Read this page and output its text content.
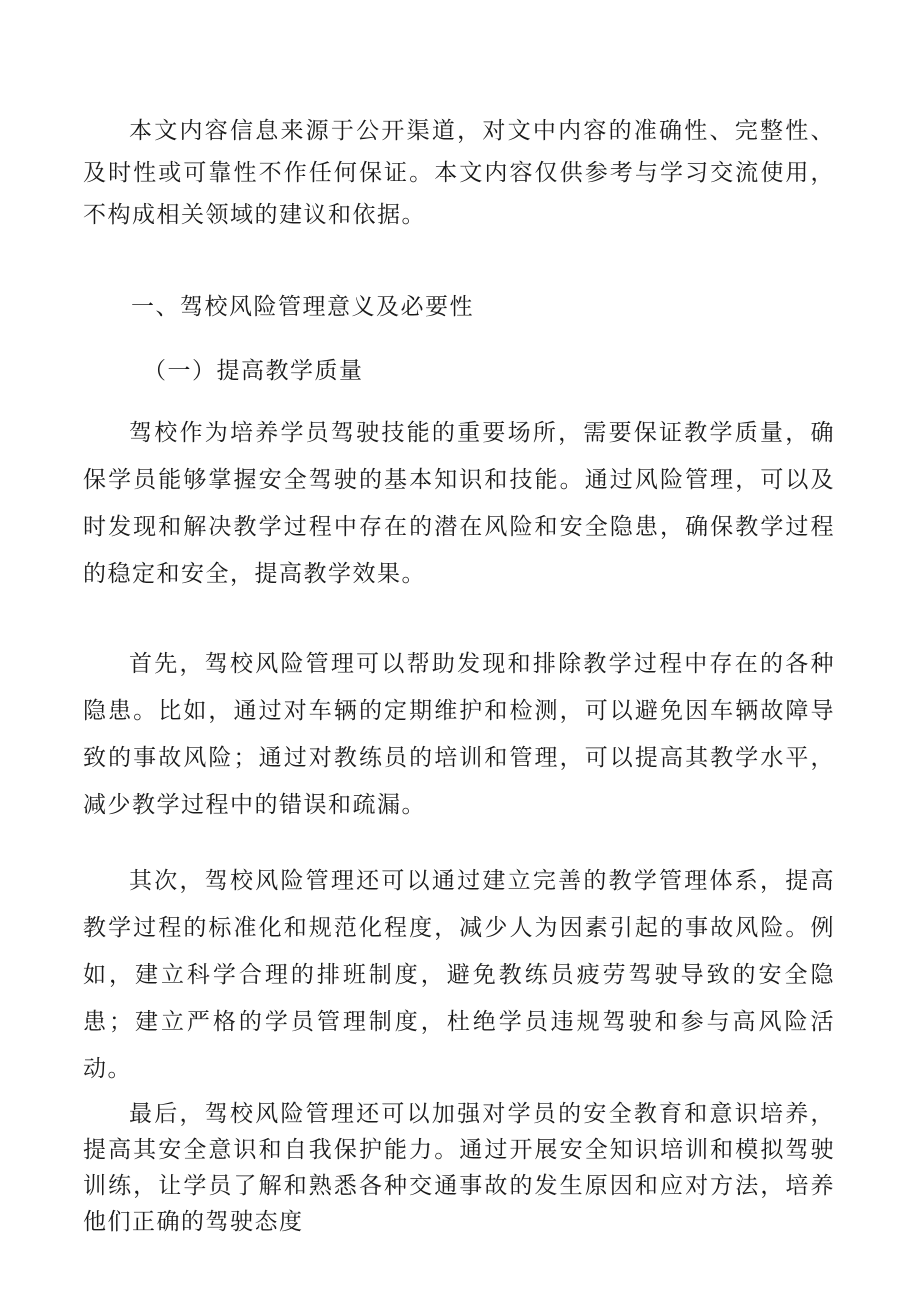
本文内容信息来源于公开渠道，对文中内容的准确性、完整性、及时性或可靠性不作任何保证。本文内容仅供参考与学习交流使用，不构成相关领域的建议和依据。

一、驾校风险管理意义及必要性
（一）提高教学质量

驾校作为培养学员驾驶技能的重要场所，需要保证教学质量，确保学员能够掌握安全驾驶的基本知识和技能。通过风险管理，可以及时发现和解决教学过程中存在的潜在风险和安全隐患，确保教学过程的稳定和安全，提高教学效果。

首先，驾校风险管理可以帮助发现和排除教学过程中存在的各种隐患。比如，通过对车辆的定期维护和检测，可以避免因车辆故障导致的事故风险；通过对教练员的培训和管理，可以提高其教学水平，减少教学过程中的错误和疏漏。

其次，驾校风险管理还可以通过建立完善的教学管理体系，提高教学过程的标准化和规范化程度，减少人为因素引起的事故风险。例如，建立科学合理的排班制度，避免教练员疲劳驾驶导致的安全隐患；建立严格的学员管理制度，杜绝学员违规驾驶和参与高风险活动。

最后，驾校风险管理还可以加强对学员的安全教育和意识培养，提高其安全意识和自我保护能力。通过开展安全知识培训和模拟驾驶训练，让学员了解和熟悉各种交通事故的发生原因和应对方法，培养他们正确的驾驶态度
